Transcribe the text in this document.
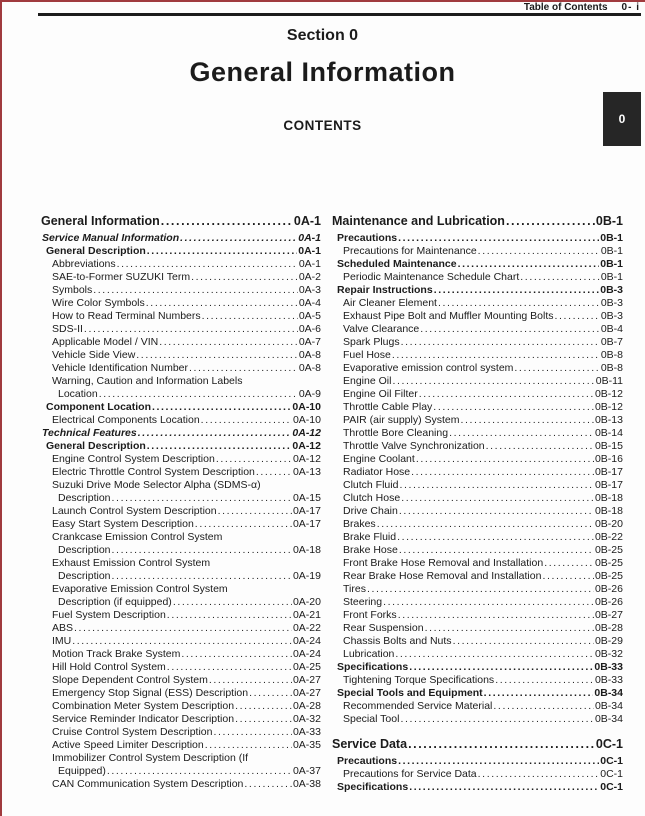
Table of Contents 0- i
Section 0
General Information
CONTENTS	0
General Information .....	0A-1
Service Manual Information .....	0A-1
General Description .....	0A-1
Abbreviations .....	0A-1
SAE-to-Former SUZUKI Term .....	0A-2
Symbols .....	0A-3
Wire Color Symbols .....	0A-4
How to Read Terminal Numbers .....	0A-5
SDS-II .....	0A-6
Applicable Model / VIN .....	0A-7
Vehicle Side View .....	0A-8
Vehicle Identification Number .....	0A-8
Warning, Caution and Information Labels
Location .....	0A-9
Component Location .....	0A-10
Electrical Components Location .....	0A-10
Technical Features .....	0A-12
General Description .....	0A-12
Engine Control System Description .....	0A-12
Electric Throttle Control System Description .....	0A-13
Suzuki Drive Mode Selector Alpha (SDMS-α)
Description .....	0A-15
Launch Control System Description .....	0A-17
Easy Start System Description .....	0A-17
Crankcase Emission Control System
Description .....	0A-18
Exhaust Emission Control System
Description .....	0A-19
Evaporative Emission Control System
Description (if equipped) .....	0A-20
Fuel System Description .....	0A-21
ABS .....	0A-22
IMU .....	0A-24
Motion Track Brake System .....	0A-24
Hill Hold Control System .....	0A-25
Slope Dependent Control System .....	0A-27
Emergency Stop Signal (ESS) Description .....	0A-27
Combination Meter System Description .....	0A-28
Service Reminder Indicator Description .....	0A-32
Cruise Control System Description .....	0A-33
Active Speed Limiter Description .....	0A-35
Immobilizer Control System Description (If
Equipped) .....	0A-37
CAN Communication System Description .....	0A-38
Maintenance and Lubrication .....	0B-1
Precautions .....	0B-1
Precautions for Maintenance .....	0B-1
Scheduled Maintenance .....	0B-1
Periodic Maintenance Schedule Chart .....	0B-1
Repair Instructions .....	0B-3
Air Cleaner Element .....	0B-3
Exhaust Pipe Bolt and Muffler Mounting Bolts .....	0B-3
Valve Clearance .....	0B-4
Spark Plugs .....	0B-7
Fuel Hose .....	0B-8
Evaporative emission control system .....	0B-8
Engine Oil .....	0B-11
Engine Oil Filter .....	0B-12
Throttle Cable Play .....	0B-12
PAIR (air supply) System .....	0B-13
Throttle Bore Cleaning .....	0B-14
Throttle Valve Synchronization .....	0B-15
Engine Coolant .....	0B-16
Radiator Hose .....	0B-17
Clutch Fluid .....	0B-17
Clutch Hose .....	0B-18
Drive Chain .....	0B-18
Brakes .....	0B-20
Brake Fluid .....	0B-22
Brake Hose .....	0B-25
Front Brake Hose Removal and Installation .....	0B-25
Rear Brake Hose Removal and Installation .....	0B-25
Tires .....	0B-26
Steering .....	0B-26
Front Forks .....	0B-27
Rear Suspension .....	0B-28
Chassis Bolts and Nuts .....	0B-29
Lubrication .....	0B-32
Specifications .....	0B-33
Tightening Torque Specifications .....	0B-33
Special Tools and Equipment .....	0B-34
Recommended Service Material .....	0B-34
Special Tool .....	0B-34
Service Data .....	0C-1
Precautions .....	0C-1
Precautions for Service Data .....	0C-1
Specifications .....	0C-1
